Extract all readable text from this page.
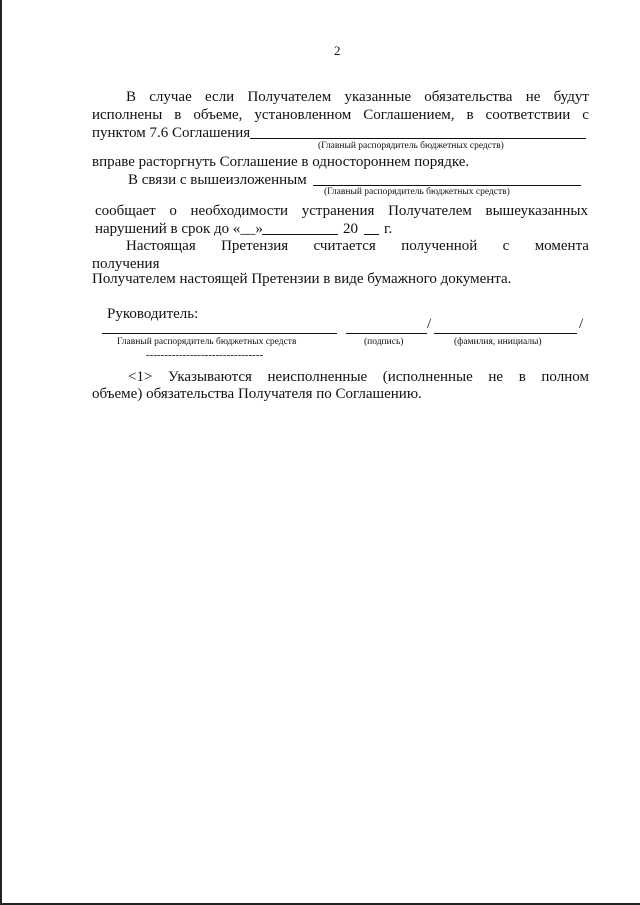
2
В случае если Получателем указанные обязательства не будут
исполнены в объеме, установленном Соглашением, в соответствии с
пунктом 7.6 Соглашения
(Главный распорядитель бюджетных средств)
вправе расторгнуть Соглашение в одностороннем порядке.
В связи с вышеизложенным
(Главный распорядитель бюджетных средств)
сообщает о необходимости устранения Получателем вышеуказанных
нарушений в срок до «__»	20 г.
Настоящая Претензия считается полученной с момента
получения
Получателем настоящей Претензии в виде бумажного документа.
Руководитель:
/	/
Главный распорядитель бюджетных средств	(подпись)	(фамилия, инициалы)
--------------------------------
<1> Указываются неисполненные (исполненные не в полном
объеме) обязательства Получателя по Соглашению.
